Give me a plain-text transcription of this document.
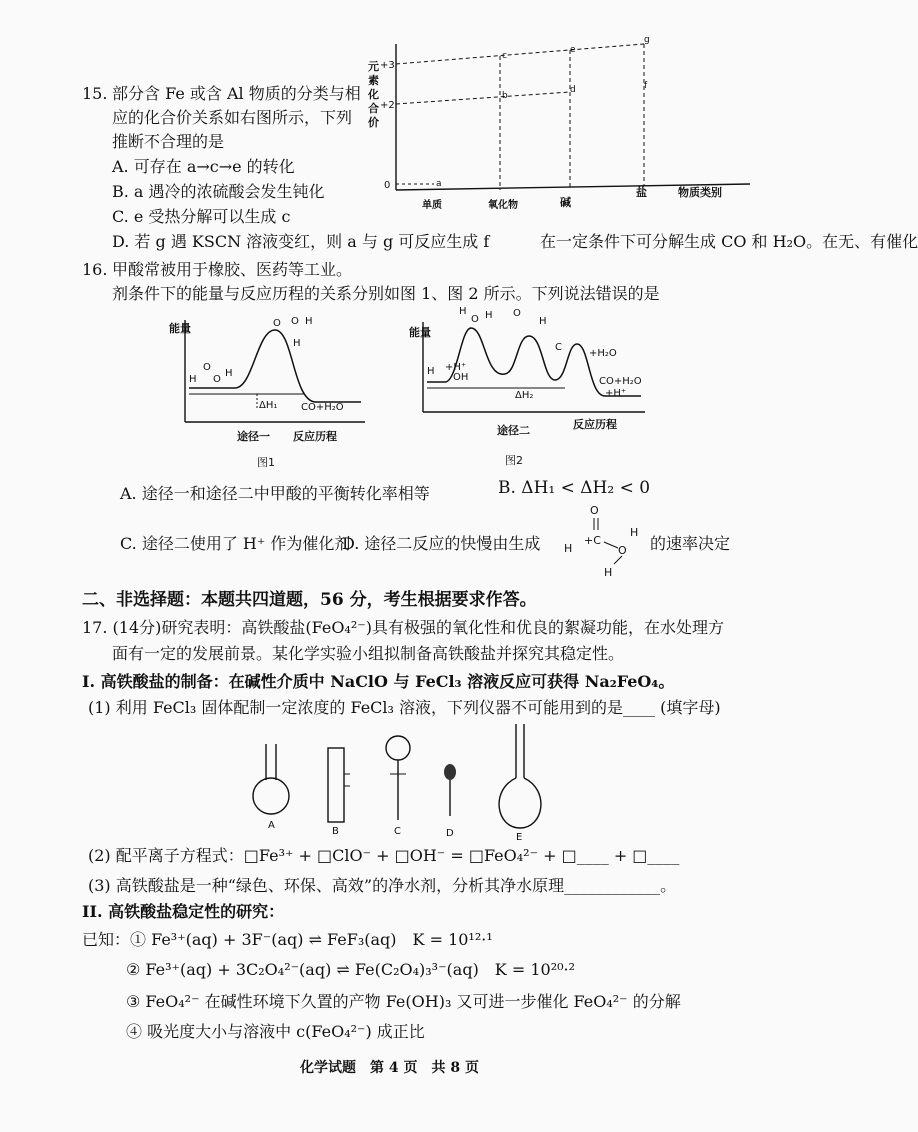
15. 部分含 Fe 或含 Al 物质的分类与相
应的化合价关系如右图所示，下列
推断不合理的是
A. 可存在 a→c→e 的转化
B. a 遇冷的浓硫酸会发生钝化
C. e 受热分解可以生成 c
D. 若 g 遇 KSCN 溶液变红，则 a 与 g 可反应生成 f	在一定条件下可分解生成 CO 和 H₂O。在无、有催化
元
素
化
合
价
+3
+2
0	a
b
c
d
e
f
g
单质	氧化物	碱
盐	物质类别
16. 甲酸常被用于橡胶、医药等工业。
剂条件下的能量与反应历程的关系分别如图 1、图 2 所示。下列说法错误的是
能量
ΔH₁ CO+H₂O
H
O
O
H
O O H
H
途径一 反应历程
图1
能量
ΔH₂
CO+H₂O
+H⁺
+H⁺
+H₂O
H
O H O
H
C
H
OH
途径二	反应历程
图2
A. 途径一和途径二中甲酸的平衡转化率相等	B. ΔH₁ < ΔH₂ < 0
C. 途径二使用了 H⁺ 作为催化剂
D. 途径二反应的快慢由生成
O
H
+C
O
H
H
的速率决定
二、非选择题：本题共四道题，56 分，考生根据要求作答。
17. (14分)研究表明：高铁酸盐(FeO₄²⁻)具有极强的氧化性和优良的絮凝功能，在水处理方
面有一定的发展前景。某化学实验小组拟制备高铁酸盐并探究其稳定性。
I. 高铁酸盐的制备：在碱性介质中 NaClO 与 FeCl₃ 溶液反应可获得 Na₂FeO₄。
(1) 利用 FeCl₃ 固体配制一定浓度的 FeCl₃ 溶液，下列仪器不可能用到的是____ (填字母)
A
B	C	D	E
(2) 配平离子方程式：□Fe³⁺ + □ClO⁻ + □OH⁻ = □FeO₄²⁻ + □____ + □____
(3) 高铁酸盐是一种“绿色、环保、高效”的净水剂，分析其净水原理____________。
II. 高铁酸盐稳定性的研究：
已知：① Fe³⁺(aq) + 3F⁻(aq) ⇌ FeF₃(aq)　K = 10¹²·¹
② Fe³⁺(aq) + 3C₂O₄²⁻(aq) ⇌ Fe(C₂O₄)₃³⁻(aq)　K = 10²⁰·²
③ FeO₄²⁻ 在碱性环境下久置的产物 Fe(OH)₃ 又可进一步催化 FeO₄²⁻ 的分解
④ 吸光度大小与溶液中 c(FeO₄²⁻) 成正比
化学试题　第 4 页　共 8 页
